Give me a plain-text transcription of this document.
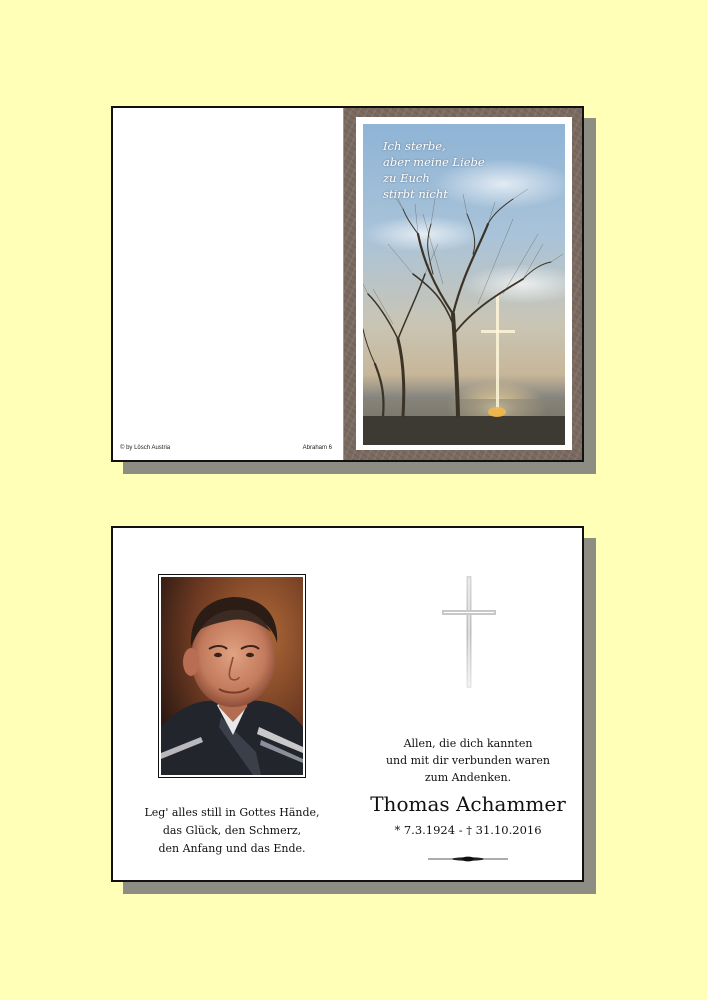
© by Lösch Austria	Abraham 6
Ich sterbe,
aber meine Liebe
zu Euch
stirbt nicht
Leg' alles still in Gottes Hände,
das Glück, den Schmerz,
den Anfang und das Ende.
Allen, die dich kannten
und mit dir verbunden waren
zum Andenken.
Thomas Achammer
* 7.3.1924 - † 31.10.2016
